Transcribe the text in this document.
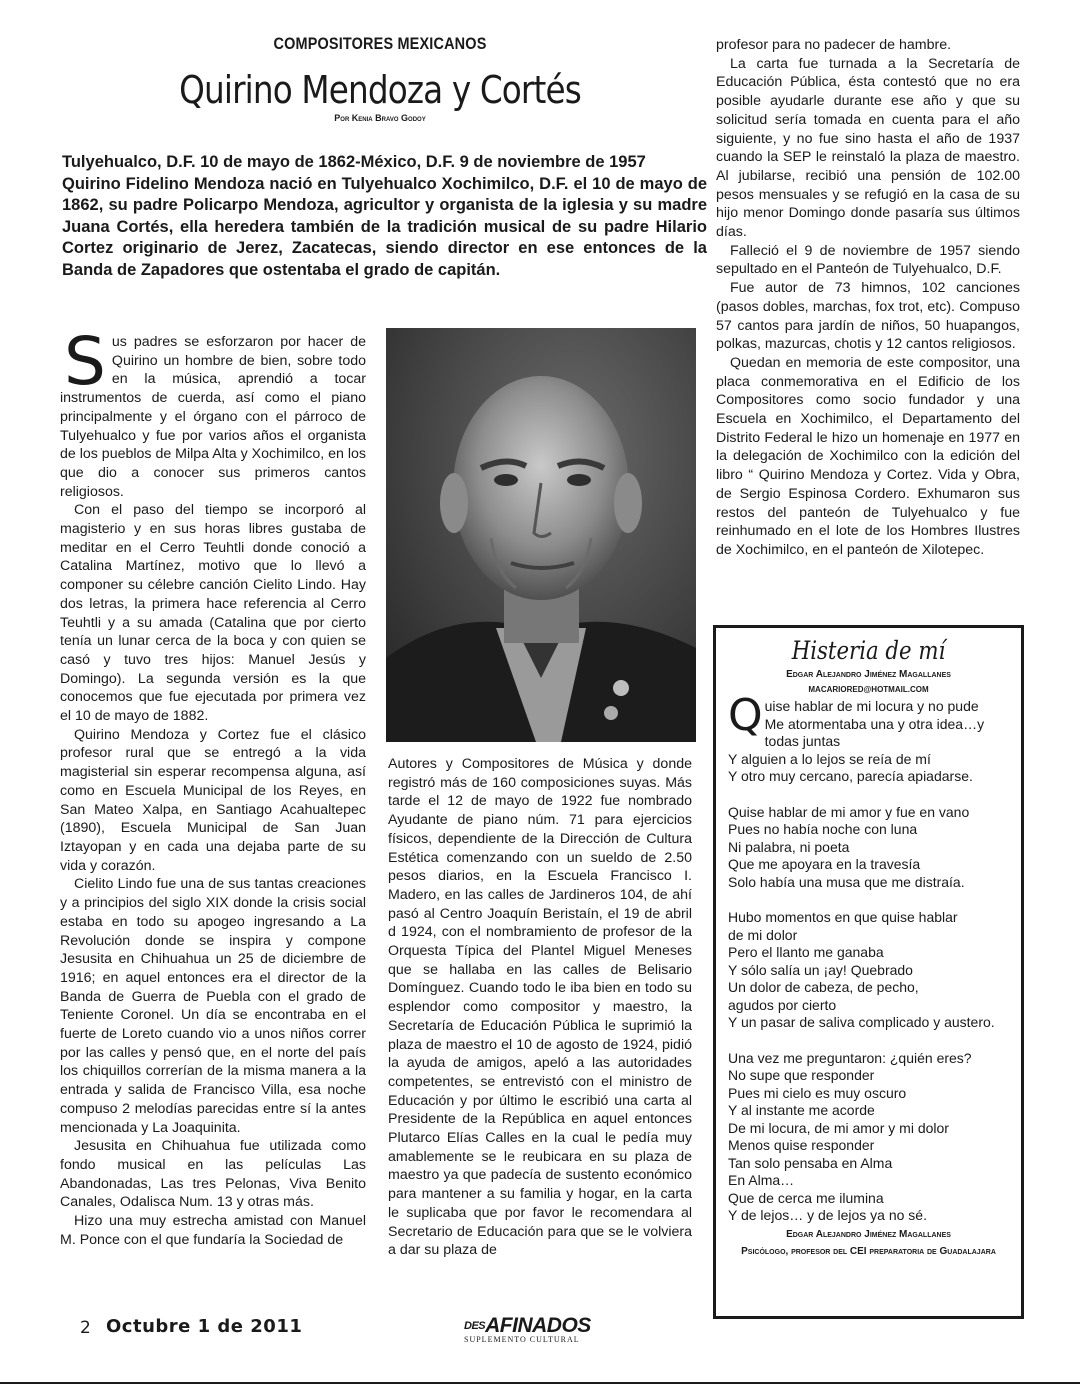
COMPOSITORES MEXICANOS
Quirino Mendoza y Cortés
Por Kenia Bravo Godoy

Tulyehualco, D.F. 10 de mayo de 1862-México, D.F. 9 de noviembre de 1957

Quirino Fidelino Mendoza nació en Tulyehualco Xochimilco, D.F. el 10 de mayo de 1862, su padre Policarpo Mendoza, agricultor y organista de la iglesia y su madre Juana Cortés, ella heredera también de la tradición musical de su padre Hilario Cortez originario de Jerez, Zacatecas, siendo director en ese entonces de la Banda de Zapadores que ostentaba el grado de capitán.

Sus padres se esforzaron por hacer de Quirino un hombre de bien, sobre todo en la música, aprendió a tocar instrumentos de cuerda, así como el piano principalmente y el órgano con el párroco de Tulyehualco y fue por varios años el organista de los pueblos de Milpa Alta y Xochimilco, en los que dio a conocer sus primeros cantos religiosos.

Con el paso del tiempo se incorporó al magisterio y en sus horas libres gustaba de meditar en el Cerro Teuhtli donde conoció a Catalina Martínez, motivo que lo llevó a componer su célebre canción Cielito Lindo. Hay dos letras, la primera hace referencia al Cerro Teuhtli y a su amada (Catalina que por cierto tenía un lunar cerca de la boca y con quien se casó y tuvo tres hijos: Manuel Jesús y Domingo). La segunda versión es la que conocemos que fue ejecutada por primera vez el 10 de mayo de 1882.

Quirino Mendoza y Cortez fue el clásico profesor rural que se entregó a la vida magisterial sin esperar recompensa alguna, así como en Escuela Municipal de los Reyes, en San Mateo Xalpa, en Santiago Acahualtepec (1890), Escuela Municipal de San Juan Iztayopan y en cada una dejaba parte de su vida y corazón.

Cielito Lindo fue una de sus tantas creaciones y a principios del siglo XIX donde la crisis social estaba en todo su apogeo ingresando a La Revolución donde se inspira y compone Jesusita en Chihuahua un 25 de diciembre de 1916; en aquel entonces era el director de la Banda de Guerra de Puebla con el grado de Teniente Coronel. Un día se encontraba en el fuerte de Loreto cuando vio a unos niños correr por las calles y pensó que, en el norte del país los chiquillos correrían de la misma manera a la entrada y salida de Francisco Villa, esa noche compuso 2 melodías parecidas entre sí la antes mencionada y La Joaquinita.

Jesusita en Chihuahua fue utilizada como fondo musical en las películas Las Abandonadas, Las tres Pelonas, Viva Benito Canales, Odalisca Num. 13 y otras más.

Hizo una muy estrecha amistad con Manuel M. Ponce con el que fundaría la Sociedad de

Autores y Compositores de Música y donde registró más de 160 composiciones suyas. Más tarde el 12 de mayo de 1922 fue nombrado Ayudante de piano núm. 71 para ejercicios físicos, dependiente de la Dirección de Cultura Estética comenzando con un sueldo de 2.50 pesos diarios, en la Escuela Francisco I. Madero, en las calles de Jardineros 104, de ahí pasó al Centro Joaquín Beristaín, el 19 de abril d 1924, con el nombramiento de profesor de la Orquesta Típica del Plantel Miguel Meneses que se hallaba en las calles de Belisario Domínguez. Cuando todo le iba bien en todo su esplendor como compositor y maestro, la Secretaría de Educación Pública le suprimió la plaza de maestro el 10 de agosto de 1924, pidió la ayuda de amigos, apeló a las autoridades competentes, se entrevistó con el ministro de Educación y por último le escribió una carta al Presidente de la República en aquel entonces Plutarco Elías Calles en la cual le pedía muy amablemente se le reubicara en su plaza de maestro ya que padecía de sustento económico para mantener a su familia y hogar, en la carta le suplicaba que por favor le recomendara al Secretario de Educación para que se le volviera a dar su plaza de

profesor para no padecer de hambre.

La carta fue turnada a la Secretaría de Educación Pública, ésta contestó que no era posible ayudarle durante ese año y que su solicitud sería tomada en cuenta para el año siguiente, y no fue sino hasta el año de 1937 cuando la SEP le reinstaló la plaza de maestro. Al jubilarse, recibió una pensión de 102.00 pesos mensuales y se refugió en la casa de su hijo menor Domingo donde pasaría sus últimos días.

Falleció el 9 de noviembre de 1957 siendo sepultado en el Panteón de Tulyehualco, D.F.

Fue autor de 73 himnos, 102 canciones (pasos dobles, marchas, fox trot, etc). Compuso 57 cantos para jardín de niños, 50 huapangos, polkas, mazurcas, chotis y 12 cantos religiosos.

Quedan en memoria de este compositor, una placa conmemorativa en el Edificio de los Compositores como socio fundador y una Escuela en Xochimilco, el Departamento del Distrito Federal le hizo un homenaje en 1977 en la delegación de Xochimilco con la edición del libro “ Quirino Mendoza y Cortez. Vida y Obra, de Sergio Espinosa Cordero. Exhumaron sus restos del panteón de Tulyehualco y fue reinhumado en el lote de los Hombres Ilustres de Xochimilco, en el panteón de Xilotepec.

Histeria de mí
Edgar Alejandro Jiménez Magallanes
MACARIORED@HOTMAIL.COM
Q uise hablar de mi locura y no pude
Me atormentaba una y otra idea…y todas juntas
Y alguien a lo lejos se reía de mí
Y otro muy cercano, parecía apiadarse.
Quise hablar de mi amor y fue en vano
Pues no había noche con luna
Ni palabra, ni poeta
Que me apoyara en la travesía
Solo había una musa que me distraía.
Hubo momentos en que quise hablar
de mi dolor
Pero el llanto me ganaba
Y sólo salía un ¡ay! Quebrado
Un dolor de cabeza, de pecho,
agudos por cierto
Y un pasar de saliva complicado y austero.
Una vez me preguntaron: ¿quién eres?
No supe que responder
Pues mi cielo es muy oscuro
Y al instante me acorde
De mi locura, de mi amor y mi dolor
Menos quise responder
Tan solo pensaba en Alma
En Alma…
Que de cerca me ilumina
Y de lejos… y de lejos ya no sé.
Edgar Alejandro Jiménez Magallanes
Psicólogo, profesor del CEI preparatoria de Guadalajara
2 Octubre 1 de 2011	$^{DES}$AFINADOS
SUPLEMENTO CULTURAL
